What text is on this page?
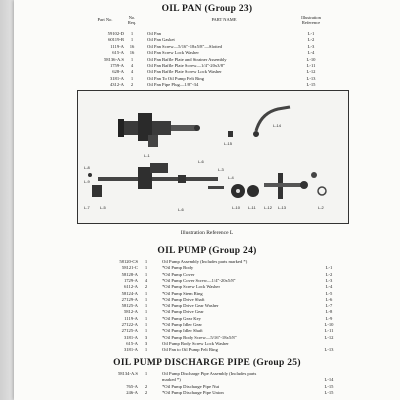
OIL PAN (Group 23)
Part No.	No. Req.
PART NAME	Illustration Reference
59102-D	1	Oil Pan	L-1
60119-B	1	Oil Pan Gasket	L-2
1119-A	16	Oil Pan Screw—5/16"-18x5/8"—Slotted	L-3
615-A	16	Oil Pan Screw Lock Washer	L-4
58136-A.S	1	Oil Pan Baffle Plate and Strainer Assembly	L-10
1759-A	4	Oil Pan Baffle Plate Screw—1/4"-20x3/8"	L-11
628-A	4	Oil Pan Baffle Plate Screw Lock Washer	L-12
3181-A	1	Oil Pan To Oil Pump Felt Ring	L-13
4312-A	2	Oil Pan Pipe Plug—1/8"-34	L-15
L-1
L-15
L-14
L-8
L-9
L-6
L-7	L-5	L-6
L-3
L-4
L-10 L-11 L-12 L-13	L-2
Illustration Reference L
OIL PUMP (Group 24)
58120-CS	1	Oil Pump Assembly (Includes parts marked *)
58121-C	1	*Oil Pump Body	L-1
58128-A	1	*Oil Pump Cover	L-2
1729-A	4	*Oil Pump Cover Screw—1/4"-20x5/8"	L-3
6112-A	2	*Oil Pump Screw Lock Washer	L-4
58124-A	1	*Oil Pump Stem Ring	L-5
27129-A	1	*Oil Pump Drive Shaft	L-6
58125-A	1	*Oil Pump Drive Gear Washer	L-7
5812-A	1	*Oil Pump Drive Gear	L-8
1119-A	1	*Oil Pump Gear Key	L-9
27122-A	1	*Oil Pump Idler Gear	L-10
27125-A	1	*Oil Pump Idler Shaft	L-11
3181-A	3	*Oil Pump Body Screw—5/16"-18x5/8"	L-12
615-A	3	Oil Pump Body Screw Lock Washer
3181-A	1	Oil Pan to Oil Pump Felt Ring	L-13
OIL PUMP DISCHARGE PIPE (Group 25)
58134-A.S	1	Oil Pump Discharge Pipe Assembly (Includes parts
marked *)	L-14
765-A	2	*Oil Pump Discharge Pipe Nut	L-15
246-A	2	*Oil Pump Discharge Pipe Union	L-15
